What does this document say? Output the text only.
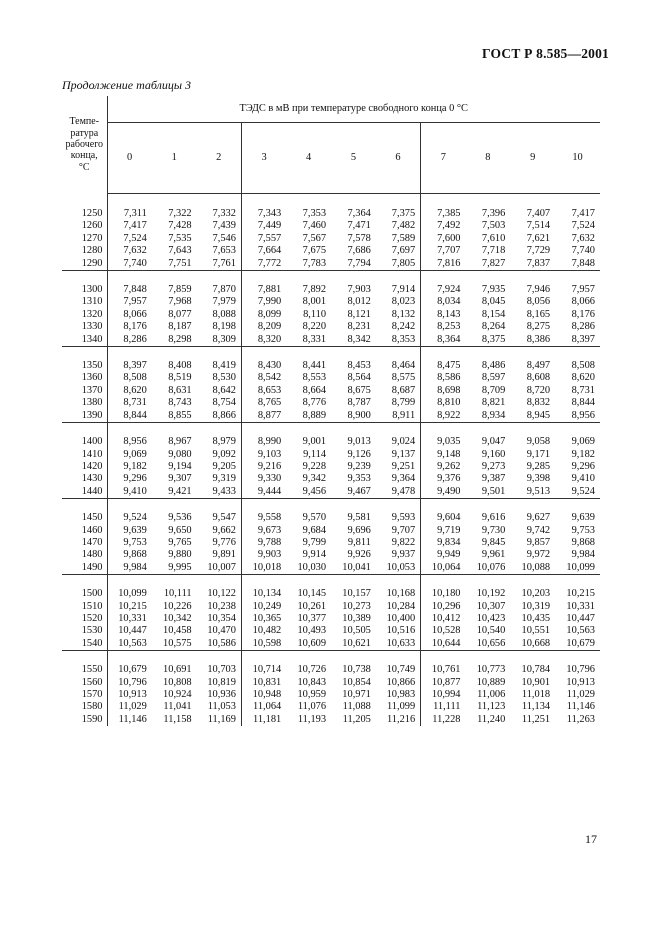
ГОСТ Р 8.585—2001
Продолжение таблицы 3
Темпе-
ратура
рабочего
конца,
°С	ТЭДС в мВ при температуре свободного конца 0 °С										
	0	1	2	3	4	5	6	7	8	9	10

1250	7,311	7,322	7,332	7,343	7,353	7,364	7,375	7,385	7,396	7,407	7,417
1260	7,417	7,428	7,439	7,449	7,460	7,471	7,482	7,492	7,503	7,514	7,524
1270	7,524	7,535	7,546	7,557	7,567	7,578	7,589	7,600	7,610	7,621	7,632
1280	7,632	7,643	7,653	7,664	7,675	7,686	7,697	7,707	7,718	7,729	7,740
1290	7,740	7,751	7,761	7,772	7,783	7,794	7,805	7,816	7,827	7,837	7,848

1300	7,848	7,859	7,870	7,881	7,892	7,903	7,914	7,924	7,935	7,946	7,957
1310	7,957	7,968	7,979	7,990	8,001	8,012	8,023	8,034	8,045	8,056	8,066
1320	8,066	8,077	8,088	8,099	8,110	8,121	8,132	8,143	8,154	8,165	8,176
1330	8,176	8,187	8,198	8,209	8,220	8,231	8,242	8,253	8,264	8,275	8,286
1340	8,286	8,298	8,309	8,320	8,331	8,342	8,353	8,364	8,375	8,386	8,397

1350	8,397	8,408	8,419	8,430	8,441	8,453	8,464	8,475	8,486	8,497	8,508
1360	8,508	8,519	8,530	8,542	8,553	8,564	8,575	8,586	8,597	8,608	8,620
1370	8,620	8,631	8,642	8,653	8,664	8,675	8,687	8,698	8,709	8,720	8,731
1380	8,731	8,743	8,754	8,765	8,776	8,787	8,799	8,810	8,821	8,832	8,844
1390	8,844	8,855	8,866	8,877	8,889	8,900	8,911	8,922	8,934	8,945	8,956

1400	8,956	8,967	8,979	8,990	9,001	9,013	9,024	9,035	9,047	9,058	9,069
1410	9,069	9,080	9,092	9,103	9,114	9,126	9,137	9,148	9,160	9,171	9,182
1420	9,182	9,194	9,205	9,216	9,228	9,239	9,251	9,262	9,273	9,285	9,296
1430	9,296	9,307	9,319	9,330	9,342	9,353	9,364	9,376	9,387	9,398	9,410
1440	9,410	9,421	9,433	9,444	9,456	9,467	9,478	9,490	9,501	9,513	9,524

1450	9,524	9,536	9,547	9,558	9,570	9,581	9,593	9,604	9,616	9,627	9,639
1460	9,639	9,650	9,662	9,673	9,684	9,696	9,707	9,719	9,730	9,742	9,753
1470	9,753	9,765	9,776	9,788	9,799	9,811	9,822	9,834	9,845	9,857	9,868
1480	9,868	9,880	9,891	9,903	9,914	9,926	9,937	9,949	9,961	9,972	9,984
1490	9,984	9,995	10,007	10,018	10,030	10,041	10,053	10,064	10,076	10,088	10,099

1500	10,099	10,111	10,122	10,134	10,145	10,157	10,168	10,180	10,192	10,203	10,215
1510	10,215	10,226	10,238	10,249	10,261	10,273	10,284	10,296	10,307	10,319	10,331
1520	10,331	10,342	10,354	10,365	10,377	10,389	10,400	10,412	10,423	10,435	10,447
1530	10,447	10,458	10,470	10,482	10,493	10,505	10,516	10,528	10,540	10,551	10,563
1540	10,563	10,575	10,586	10,598	10,609	10,621	10,633	10,644	10,656	10,668	10,679

1550	10,679	10,691	10,703	10,714	10,726	10,738	10,749	10,761	10,773	10,784	10,796
1560	10,796	10,808	10,819	10,831	10,843	10,854	10,866	10,877	10,889	10,901	10,913
1570	10,913	10,924	10,936	10,948	10,959	10,971	10,983	10,994	11,006	11,018	11,029
1580	11,029	11,041	11,053	11,064	11,076	11,088	11,099	11,111	11,123	11,134	11,146
1590	11,146	11,158	11,169	11,181	11,193	11,205	11,216	11,228	11,240	11,251	11,263
17
